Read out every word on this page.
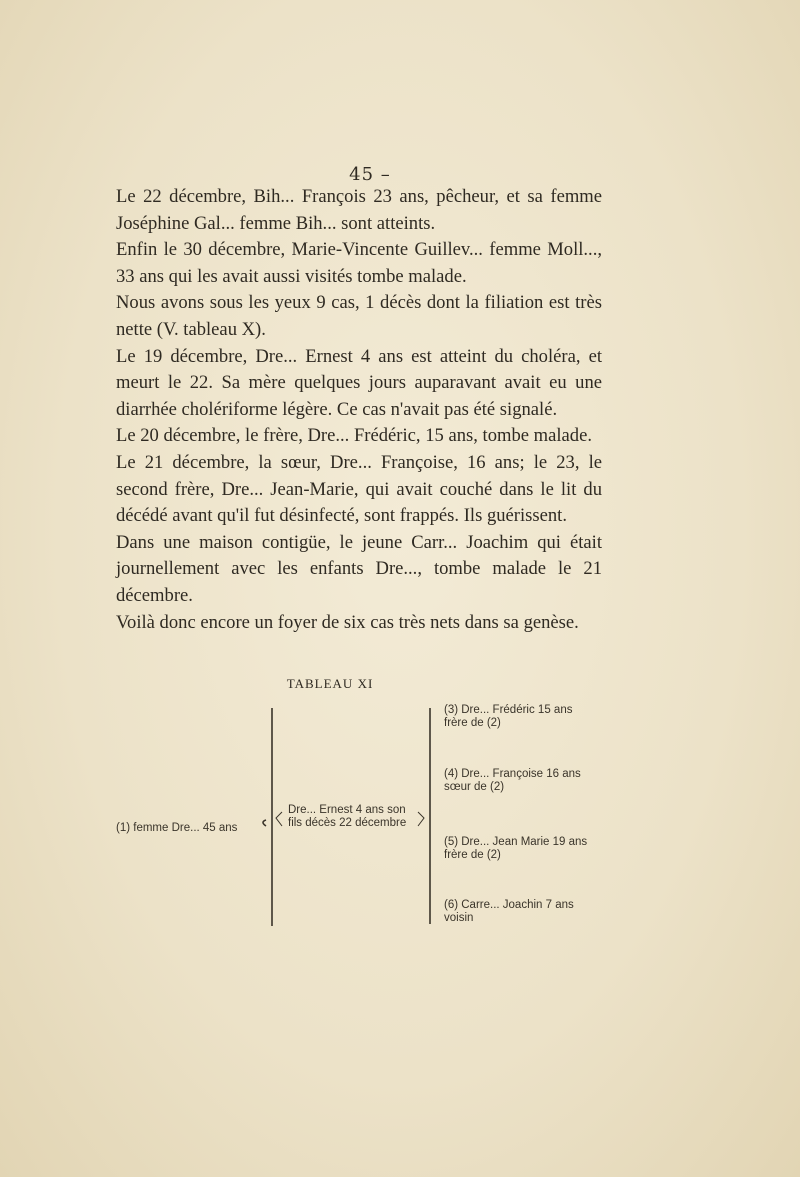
45 –

Le 22 décembre, Bih... François 23 ans, pêcheur, et sa femme Joséphine Gal... femme Bih... sont atteints.

Enfin le 30 décembre, Marie-Vincente Guillev... femme Moll..., 33 ans qui les avait aussi visités tombe malade.

Nous avons sous les yeux 9 cas, 1 décès dont la filiation est très nette (V. tableau X).

Le 19 décembre, Dre... Ernest 4 ans est atteint du choléra, et meurt le 22. Sa mère quelques jours auparavant avait eu une diarrhée cholériforme légère. Ce cas n'avait pas été signalé.

Le 20 décembre, le frère, Dre... Frédéric, 15 ans, tombe malade.

Le 21 décembre, la sœur, Dre... Françoise, 16 ans; le 23, le second frère, Dre... Jean-Marie, qui avait couché dans le lit du décédé avant qu'il fut désinfecté, sont frappés. Ils guérissent.

Dans une maison contigüe, le jeune Carr... Joachim qui était journellement avec les enfants Dre..., tombe malade le 21 décembre.

Voilà donc encore un foyer de six cas très nets dans sa genèse.

TABLEAU XI
(1) femme Dre... 45 ans
Dre... Ernest 4 ans son
fils décès 22 décembre
(3) Dre... Frédéric 15 ans
frère de (2)
(4) Dre... Françoise 16 ans
sœur de (2)
(5) Dre... Jean Marie 19 ans
frère de (2)
(6) Carre... Joachin 7 ans
voisin
